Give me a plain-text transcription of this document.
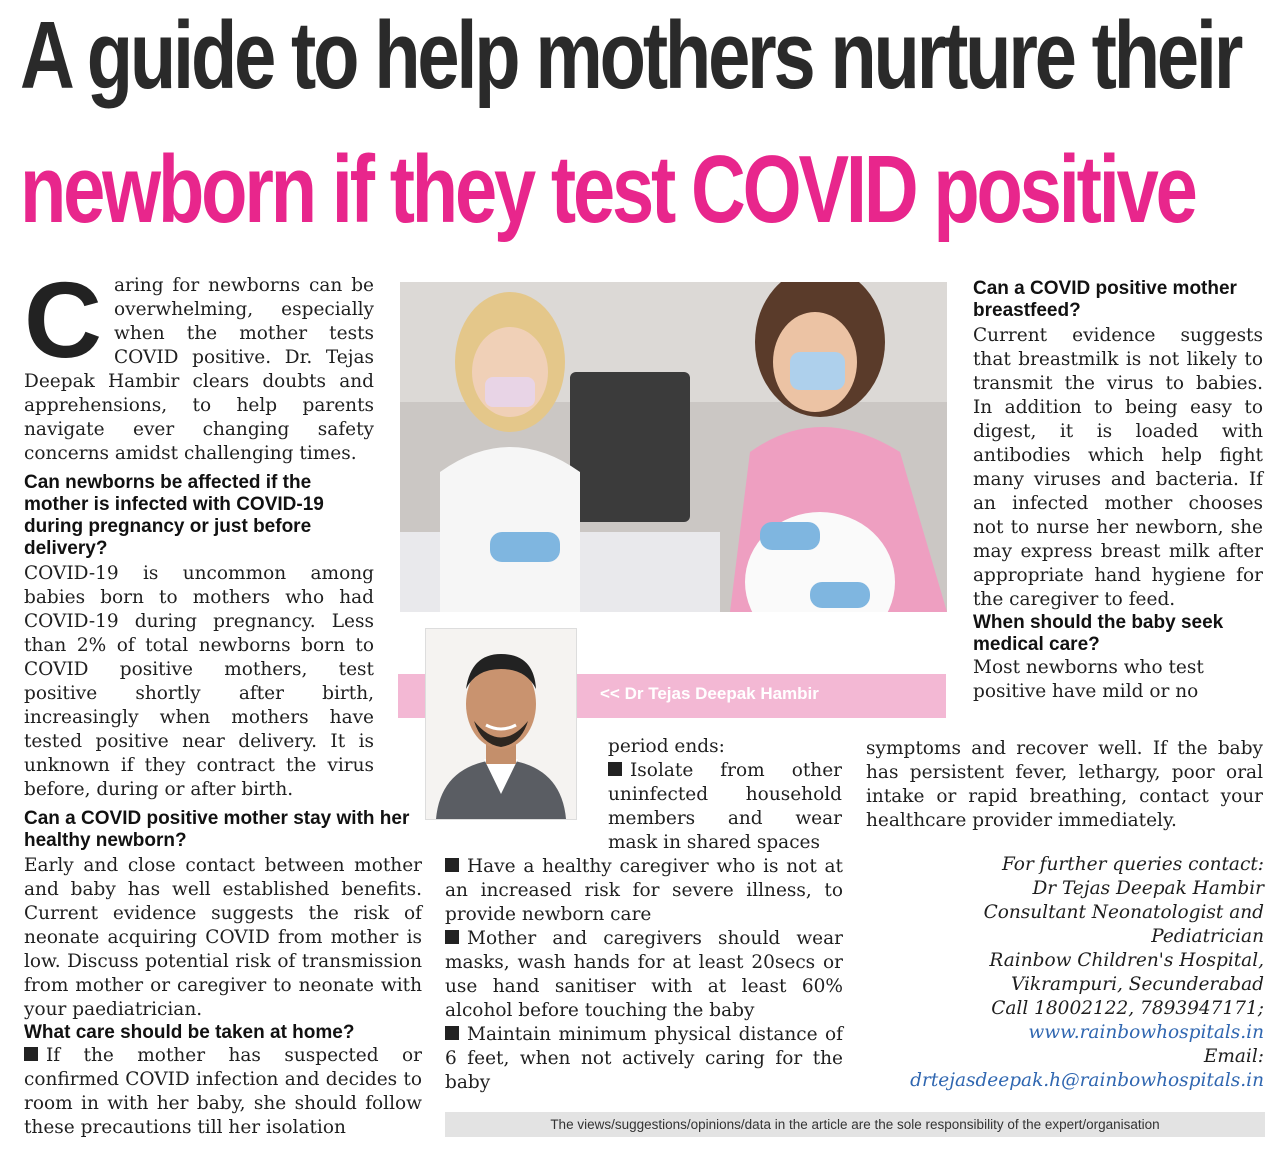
A guide to help mothers nurture their
newborn if they test COVID positive

Caring for newborns can be overwhelming, especially when the mother tests COVID positive. Dr. Tejas Deepak Hambir clears doubts and apprehensions, to help parents navigate ever changing safety concerns amidst challenging times.

Can newborns be affected if the mother is infected with COVID-19 during pregnancy or just before delivery?

COVID-19 is uncommon among babies born to mothers who had COVID-19 during pregnancy. Less than 2% of total newborns born to COVID positive mothers, test positive shortly after birth, increasingly when mothers have tested positive near delivery. It is unknown if they contract the virus before, during or after birth.

Can a COVID positive mother stay with her healthy newborn?

Early and close contact between mother and baby has well established benefits. Current evidence suggests the risk of neonate acquiring COVID from mother is low. Discuss potential risk of transmission from mother or caregiver to neonate with your paediatrician.

What care should be taken at home?

If the mother has suspected or confirmed COVID infection and decides to room in with her baby, she should follow these precautions till her isolation

<< Dr Tejas Deepak Hambir

period ends:

Isolate from other uninfected household members and wear mask in shared spaces

Have a healthy caregiver who is not at an increased risk for severe illness, to provide newborn care

Mother and caregivers should wear masks, wash hands for at least 20secs or use hand sanitiser with at least 60% alcohol before touching the baby

Maintain minimum physical distance of 6 feet, when not actively caring for the baby

Can a COVID positive mother breastfeed?

Current evidence suggests that breastmilk is not likely to transmit the virus to babies. In addition to being easy to digest, it is loaded with antibodies which help fight many viruses and bacteria. If an infected mother chooses not to nurse her newborn, she may express breast milk after appropriate hand hygiene for the caregiver to feed.

When should the baby seek medical care?

Most newborns who test positive have mild or no

symptoms and recover well. If the baby has persistent fever, lethargy, poor oral intake or rapid breathing, contact your healthcare provider immediately.

For further queries contact:
Dr Tejas Deepak Hambir
Consultant Neonatologist and
Pediatrician
Rainbow Children's Hospital,
Vikrampuri, Secunderabad
Call 18002122, 7893947171;
www.rainbowhospitals.in
Email:
drtejasdeepak.h@rainbowhospitals.in
The views/suggestions/opinions/data in the article are the sole responsibility of the expert/organisation
